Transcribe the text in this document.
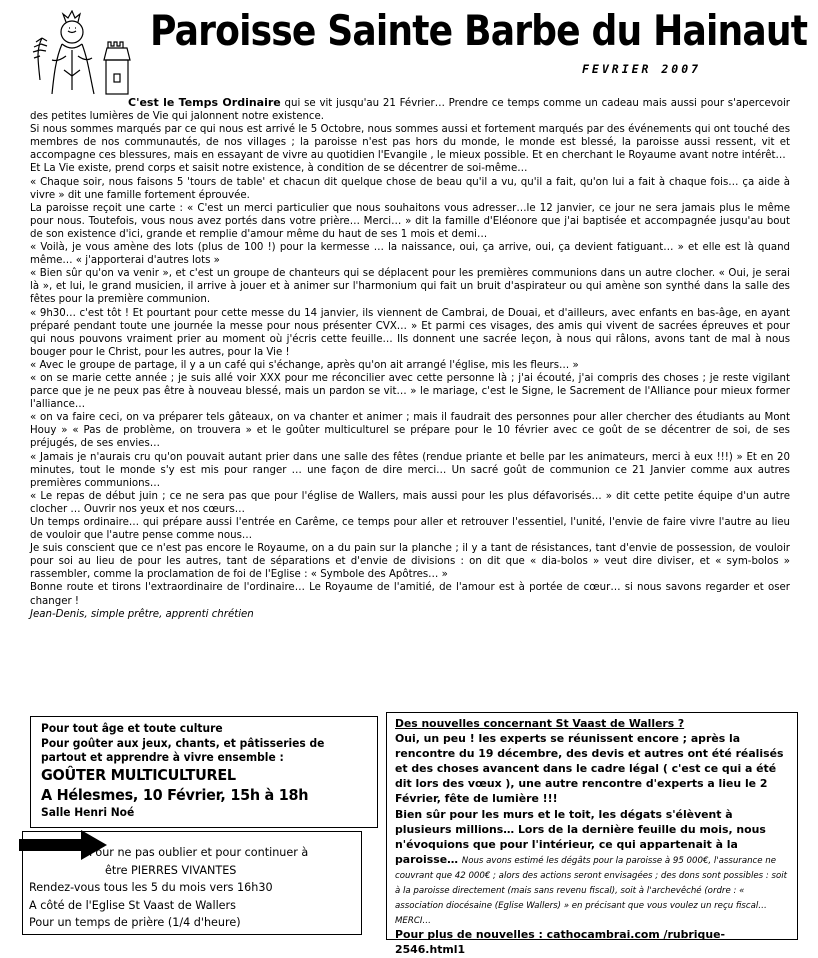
Paroisse Sainte Barbe du Hainaut
FEVRIER 2007

C'est le Temps Ordinaire qui se vit jusqu'au 21 Février… Prendre ce temps comme un cadeau mais aussi pour s'apercevoir des petites lumières de Vie qui jalonnent notre existence.

Si nous sommes marqués par ce qui nous est arrivé le 5 Octobre, nous sommes aussi et fortement marqués par des événements qui ont touché des membres de nos communautés, de nos villages ; la paroisse n'est pas hors du monde, le monde est blessé, la paroisse aussi ressent, vit et accompagne ces blessures, mais en essayant de vivre au quotidien l'Evangile , le mieux possible. Et en cherchant le Royaume avant notre intérêt…

Et La Vie existe, prend corps et saisit notre existence, à condition de se décentrer de soi-même…

« Chaque soir, nous faisons 5 'tours de table' et chacun dit quelque chose de beau qu'il a vu, qu'il a fait, qu'on lui a fait à chaque fois… ça aide à vivre » dit une famille fortement éprouvée.

La paroisse reçoit une carte : « C'est un merci particulier que nous souhaitons vous adresser…le 12 janvier, ce jour ne sera jamais plus le même pour nous. Toutefois, vous nous avez portés dans votre prière… Merci… » dit la famille d'Eléonore que j'ai baptisée et accompagnée jusqu'au bout de son existence d'ici, grande et remplie d'amour même du haut de ses 1 mois et demi…

« Voilà, je vous amène des lots (plus de 100 !) pour la kermesse … la naissance, oui, ça arrive, oui, ça devient fatiguant… » et elle est là quand même… « j'apporterai d'autres lots »

« Bien sûr qu'on va venir », et c'est un groupe de chanteurs qui se déplacent pour les premières communions dans un autre clocher. « Oui, je serai là », et lui, le grand musicien, il arrive à jouer et à animer sur l'harmonium qui fait un bruit d'aspirateur ou qui amène son synthé dans la salle des fêtes pour la première communion.

« 9h30… c'est tôt ! Et pourtant pour cette messe du 14 janvier, ils viennent de Cambrai, de Douai, et d'ailleurs, avec enfants en bas-âge, en ayant préparé pendant toute une journée la messe pour nous présenter CVX… » Et parmi ces visages, des amis qui vivent de sacrées épreuves et pour qui nous pouvons vraiment prier au moment où j'écris cette feuille… Ils donnent une sacrée leçon, à nous qui râlons, avons tant de mal à nous bouger pour le Christ, pour les autres, pour la Vie !

« Avec le groupe de partage, il y a un café qui s'échange, après qu'on ait arrangé l'église, mis les fleurs… »

« on se marie cette année ; je suis allé voir XXX pour me réconcilier avec cette personne là ; j'ai écouté, j'ai compris des choses ; je reste vigilant parce que je ne peux pas être à nouveau blessé, mais un pardon se vit… » le mariage, c'est le Signe, le Sacrement de l'Alliance pour mieux former l'alliance…

« on va faire ceci, on va préparer tels gâteaux, on va chanter et animer ; mais il faudrait des personnes pour aller chercher des étudiants au Mont Houy » « Pas de problème, on trouvera » et le goûter multiculturel se prépare pour le 10 février avec ce goût de se décentrer de soi, de ses préjugés, de ses envies…

« Jamais je n'aurais cru qu'on pouvait autant prier dans une salle des fêtes (rendue priante et belle par les animateurs, merci à eux !!!) » Et en 20 minutes, tout le monde s'y est mis pour ranger … une façon de dire merci… Un sacré goût de communion ce 21 Janvier comme aux autres premières communions…

« Le repas de début juin ; ce ne sera pas que pour l'église de Wallers, mais aussi pour les plus défavorisés… » dit cette petite équipe d'un autre clocher … Ouvrir nos yeux et nos cœurs…

Un temps ordinaire… qui prépare aussi l'entrée en Carême, ce temps pour aller et retrouver l'essentiel, l'unité, l'envie de faire vivre l'autre au lieu de vouloir que l'autre pense comme nous…

Je suis conscient que ce n'est pas encore le Royaume, on a du pain sur la planche ; il y a tant de résistances, tant d'envie de possession, de vouloir pour soi au lieu de pour les autres, tant de séparations et d'envie de divisions : on dit que « dia-bolos » veut dire diviser, et « sym-bolos » rassembler, comme la proclamation de foi de l'Eglise : « Symbole des Apôtres… »

Bonne route et tirons l'extraordinaire de l'ordinaire… Le Royaume de l'amitié, de l'amour est à portée de cœur… si nous savons regarder et oser changer !

Jean-Denis, simple prêtre, apprenti chrétien

Pour tout âge et toute culture
Pour goûter aux jeux, chants, et pâtisseries de
partout et apprendre à vivre ensemble :
GOÛTER MULTICULTUREL
A Hélesmes, 10 Février, 15h à 18h
Salle Henri Noé
Des nouvelles concernant St Vaast de Wallers ?
Oui, un peu ! les experts se réunissent encore ; après la rencontre du 19 décembre, des devis et autres ont été réalisés et des choses avancent dans le cadre légal ( c'est ce qui a été dit lors des vœux ), une autre rencontre d'experts a lieu le 2 Février, fête de lumière !!!
Bien sûr pour les murs et le toit, les dégats s'élèvent à plusieurs millions… Lors de la dernière feuille du mois, nous n'évoquions que pour l'intérieur, ce qui appartenait à la paroisse… Nous avons estimé les dégâts pour la paroisse à 95 000€, l'assurance ne couvrant que 42 000€ ; alors des actions seront envisagées ; des dons sont possibles : soit à la paroisse directement (mais sans revenu fiscal), soit à l'archevêché (ordre : « association diocésaine (Eglise Wallers) » en précisant que vous voulez un reçu fiscal… MERCI…
Pour plus de nouvelles : cathocambrai.com /rubrique-2546.html1
Pour ne pas oublier et pour continuer à
être PIERRES VIVANTES
Rendez-vous tous les 5 du mois vers 16h30
A côté de l'Eglise St Vaast de Wallers
Pour un temps de prière (1/4 d'heure)
